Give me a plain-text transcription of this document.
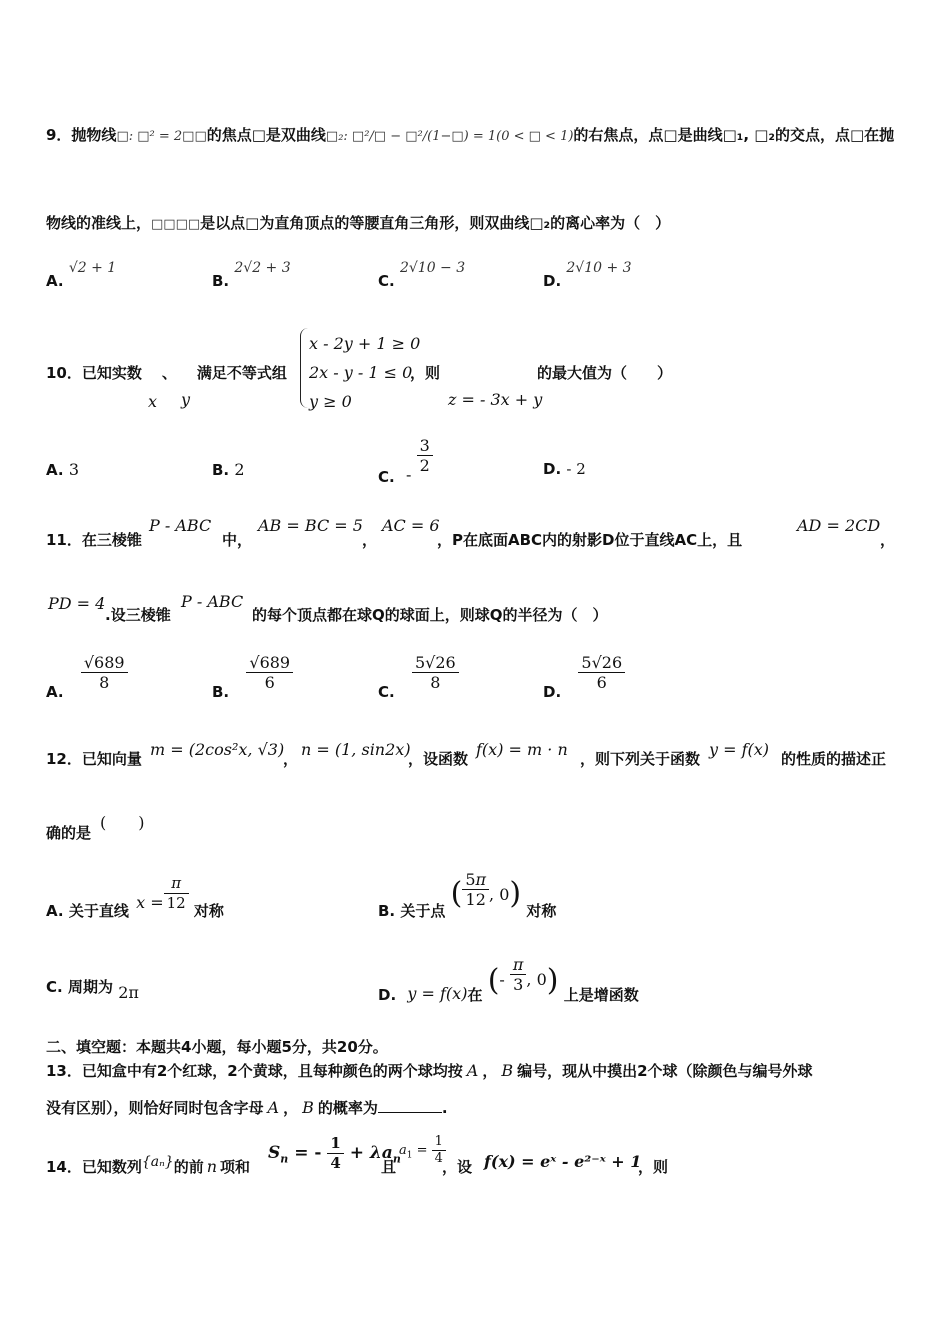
9．抛物线□: □² = 2□□的焦点□是双曲线□₂: □²/□ − □²/(1−□) = 1(0 < □ < 1)的右焦点，点□是曲线□₁, □₂的交点，点□在抛
物线的准线上，□□□□是以点□为直角顶点的等腰直角三角形，则双曲线□₂的离心率为（　）
A. √2 + 1
B. 2√2 + 3
C. 2√10 − 3
D. 2√10 + 3
10．已知实数 、 满足不等式组
x y
x - 2y + 1 ≥ 0
2x - y - 1 ≤ 0
y ≥ 0
，则
z = - 3x + y
的最大值为（　　）
A. 3	B. 2	C. - $\frac{3}{2}$	D. - 2
P - ABC	AB = BC = 5 AC = 6	AD = 2CD
11．在三棱锥	中，	，	，P在底面ABC内的射影D位于直线AC上，且	，
PD = 4	P - ABC
.设三棱锥	的每个顶点都在球Q的球面上，则球Q的半径为（　）
A. $\frac{√689}{8}$	B. $\frac{√689}{6}$	C. $\frac{5√26}{8}$	D. $\frac{5√26}{6}$
12．已知向量 m = (2cos²x, √3)
， n = (1, sin2x)
，设函数 f(x) = m · n ，则下列关于函数 y = f(x) 的性质的描述正
确的是
(　　)
A. 关于直线 $x = \frac{\pi}{12}$ 对称	B. 关于点 ( $\frac{5\pi}{12}$ , 0) 对称
C. 周期为 2π	D. y = f(x)在 (- $\frac{\pi}{3}$ , 0) 上是增函数
二、填空题：本题共4小题，每小题5分，共20分。
13．已知盒中有2个红球，2个黄球，且每种颜色的两个球均按 A ， B 编号，现从中摸出2个球（除颜色与编号外球
没有区别），则恰好同时包含字母 A ， B 的概率为	.
14．已知数列{aₙ}的前 n 项和
$S_n$ = - $\frac{1}{4} + \lambda a_n$
且
$a_1 = \frac{1}{4}$
，设 f(x) = eˣ - e²⁻ˣ + 1
，则
